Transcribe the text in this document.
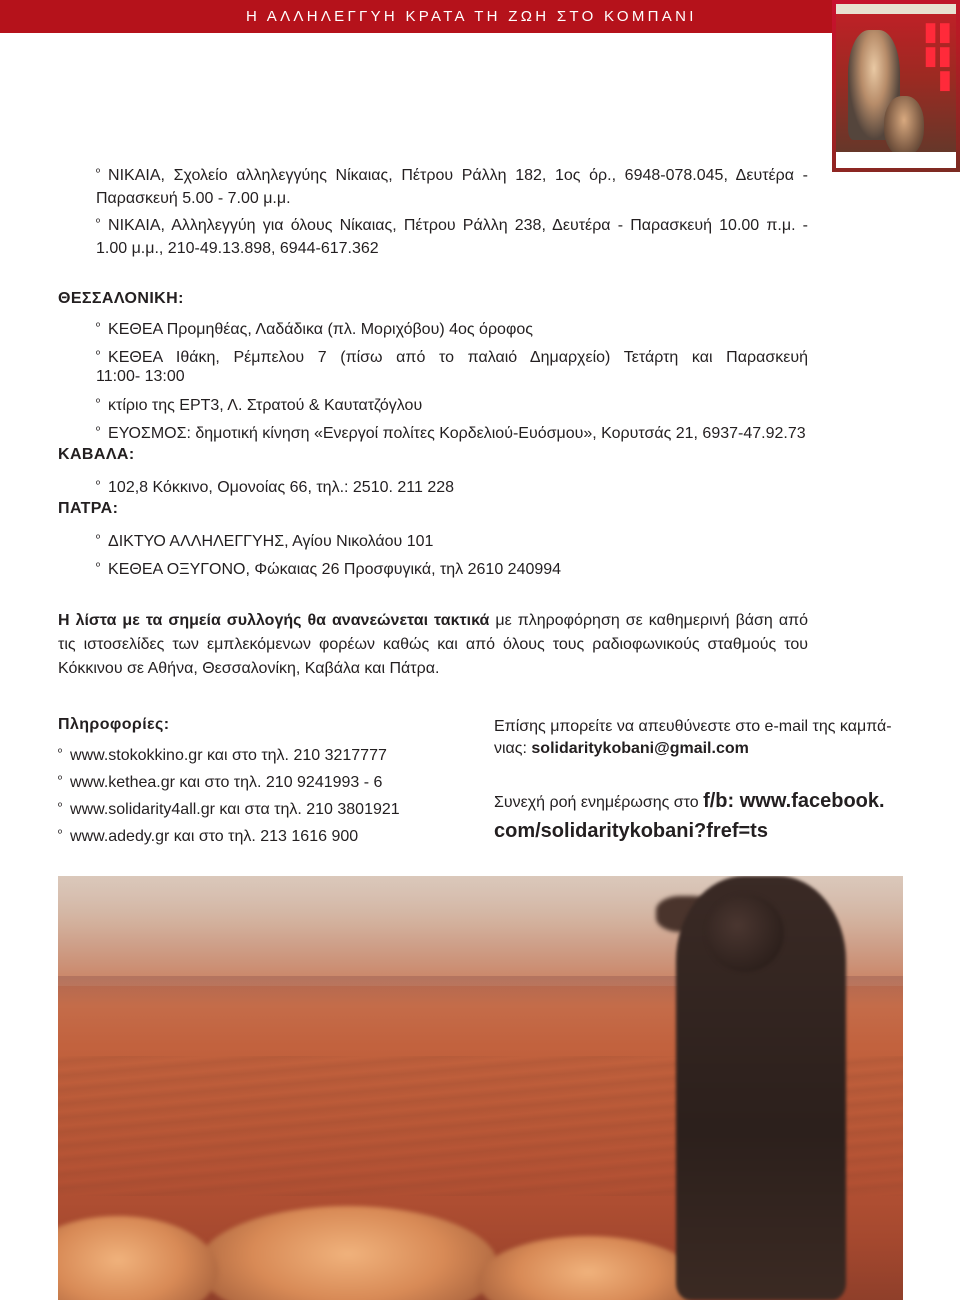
Η ΑΛΛΗΛΕΓΓΥΗ ΚΡΑΤΑ ΤΗ ΖΩΗ ΣΤΟ ΚΟΜΠΑΝΙ
▮▮
▮▮
▮
$^º$ ΝΙΚΑΙΑ, Σχολείο αλληλεγγύης Νίκαιας, Πέτρου Ράλλη 182, 1ος όρ., 6948-078.045, Δευτέρα -
Παρασκευή 5.00 - 7.00 μ.μ.
$^º$ ΝΙΚΑΙΑ, Αλληλεγγύη για όλους Νίκαιας, Πέτρου Ράλλη 238, Δευτέρα - Παρασκευή 10.00 π.μ. -
1.00 μ.μ., 210-49.13.898, 6944-617.362
ΘΕΣΣΑΛΟΝΙΚΗ:
$^º$ ΚΕΘΕΑ Προμηθέας, Λαδάδικα (πλ. Μοριχόβου) 4ος όροφος
$^º$ ΚΕΘΕΑ Ιθάκη, Ρέμπελου 7 (πίσω από το παλαιό Δημαρχείο) Τετάρτη και Παρασκευή
11:00- 13:00
$^º$ κτίριο της ΕΡΤ3, Λ. Στρατού & Καυτατζόγλου
$^º$ ΕΥΟΣΜΟΣ: δημοτική κίνηση «Ενεργοί πολίτες Κορδελιού-Ευόσμου», Κορυτσάς 21, 6937-47.92.73
ΚΑΒΑΛΑ:
$^º$ 102,8 Κόκκινο, Ομονοίας 66, τηλ.: 2510. 211 228
ΠΑΤΡΑ:
$^º$ ΔΙΚΤΥΟ ΑΛΛΗΛΕΓΓΥΗΣ, Αγίου Νικολάου 101
$^º$ ΚΕΘΕΑ ΟΞΥΓΟΝΟ, Φώκαιας 26 Προσφυγικά, τηλ 2610 240994
Η λίστα με τα σημεία συλλογής θα ανανεώνεται τακτικά με πληροφόρηση σε καθημερινή βάση από
τις ιστοσελίδες των εμπλεκόμενων φορέων καθώς και από όλους τους ραδιοφωνικούς σταθμούς του
Κόκκινου σε Αθήνα, Θεσσαλονίκη, Καβάλα και Πάτρα.
Πληροφορίες:
$^º$ www.stokokkino.gr και στο τηλ. 210 3217777
$^º$ www.kethea.gr και στο τηλ. 210 9241993 - 6
$^º$ www.solidarity4all.gr και στα τηλ. 210 3801921
$^º$ www.adedy.gr και στο τηλ. 213 1616 900
Επίσης μπορείτε να απευθύνεστε στο e-mail της καμπά-
νιας: solidaritykobani@gmail.com
Συνεχή ροή ενημέρωσης στο f/b: www.facebook.
com/solidaritykobani?fref=ts
